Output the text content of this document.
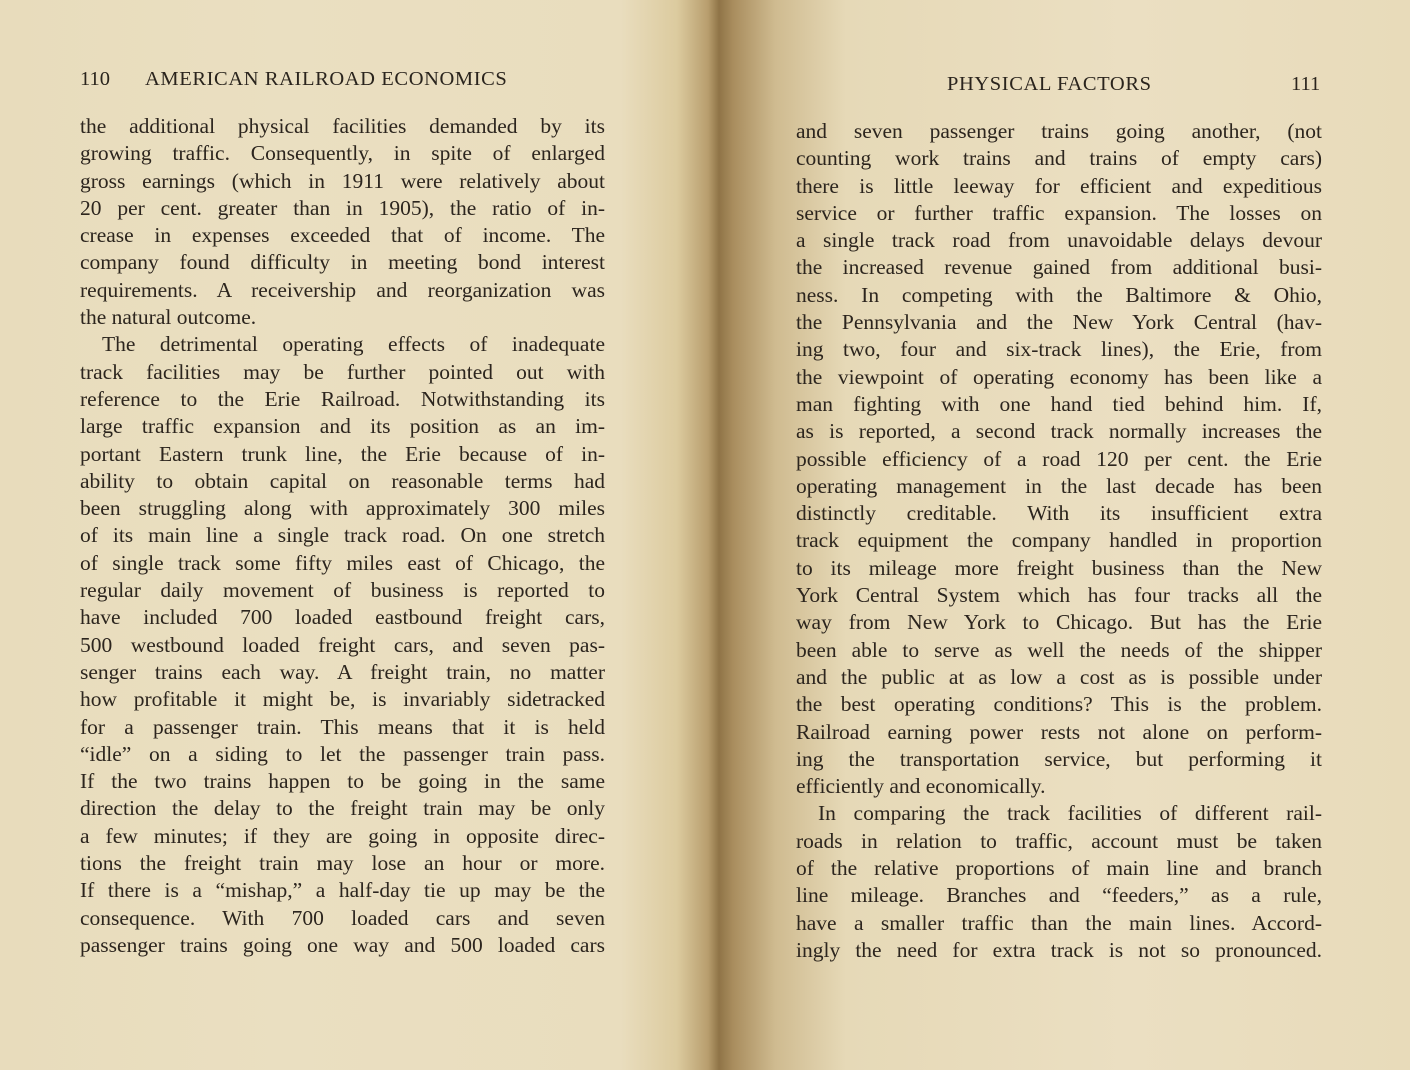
110 AMERICAN RAILROAD ECONOMICS
the additional physical facilities demanded by its
growing traffic. Consequently, in spite of enlarged
gross earnings (which in 1911 were relatively about
20 per cent. greater than in 1905), the ratio of in-
crease in expenses exceeded that of income. The
company found difficulty in meeting bond interest
requirements. A receivership and reorganization was
the natural outcome.
The detrimental operating effects of inadequate
track facilities may be further pointed out with
reference to the Erie Railroad. Notwithstanding its
large traffic expansion and its position as an im-
portant Eastern trunk line, the Erie because of in-
ability to obtain capital on reasonable terms had
been struggling along with approximately 300 miles
of its main line a single track road. On one stretch
of single track some fifty miles east of Chicago, the
regular daily movement of business is reported to
have included 700 loaded eastbound freight cars,
500 westbound loaded freight cars, and seven pas-
senger trains each way. A freight train, no matter
how profitable it might be, is invariably sidetracked
for a passenger train. This means that it is held
“idle” on a siding to let the passenger train pass.
If the two trains happen to be going in the same
direction the delay to the freight train may be only
a few minutes; if they are going in opposite direc-
tions the freight train may lose an hour or more.
If there is a “mishap,” a half-day tie up may be the
consequence. With 700 loaded cars and seven
passenger trains going one way and 500 loaded cars
PHYSICAL FACTORS	111
and seven passenger trains going another, (not
counting work trains and trains of empty cars)
there is little leeway for efficient and expeditious
service or further traffic expansion. The losses on
a single track road from unavoidable delays devour
the increased revenue gained from additional busi-
ness. In competing with the Baltimore & Ohio,
the Pennsylvania and the New York Central (hav-
ing two, four and six-track lines), the Erie, from
the viewpoint of operating economy has been like a
man fighting with one hand tied behind him. If,
as is reported, a second track normally increases the
possible efficiency of a road 120 per cent. the Erie
operating management in the last decade has been
distinctly creditable. With its insufficient extra
track equipment the company handled in proportion
to its mileage more freight business than the New
York Central System which has four tracks all the
way from New York to Chicago. But has the Erie
been able to serve as well the needs of the shipper
and the public at as low a cost as is possible under
the best operating conditions? This is the problem.
Railroad earning power rests not alone on perform-
ing the transportation service, but performing it
efficiently and economically.
In comparing the track facilities of different rail-
roads in relation to traffic, account must be taken
of the relative proportions of main line and branch
line mileage. Branches and “feeders,” as a rule,
have a smaller traffic than the main lines. Accord-
ingly the need for extra track is not so pronounced.
